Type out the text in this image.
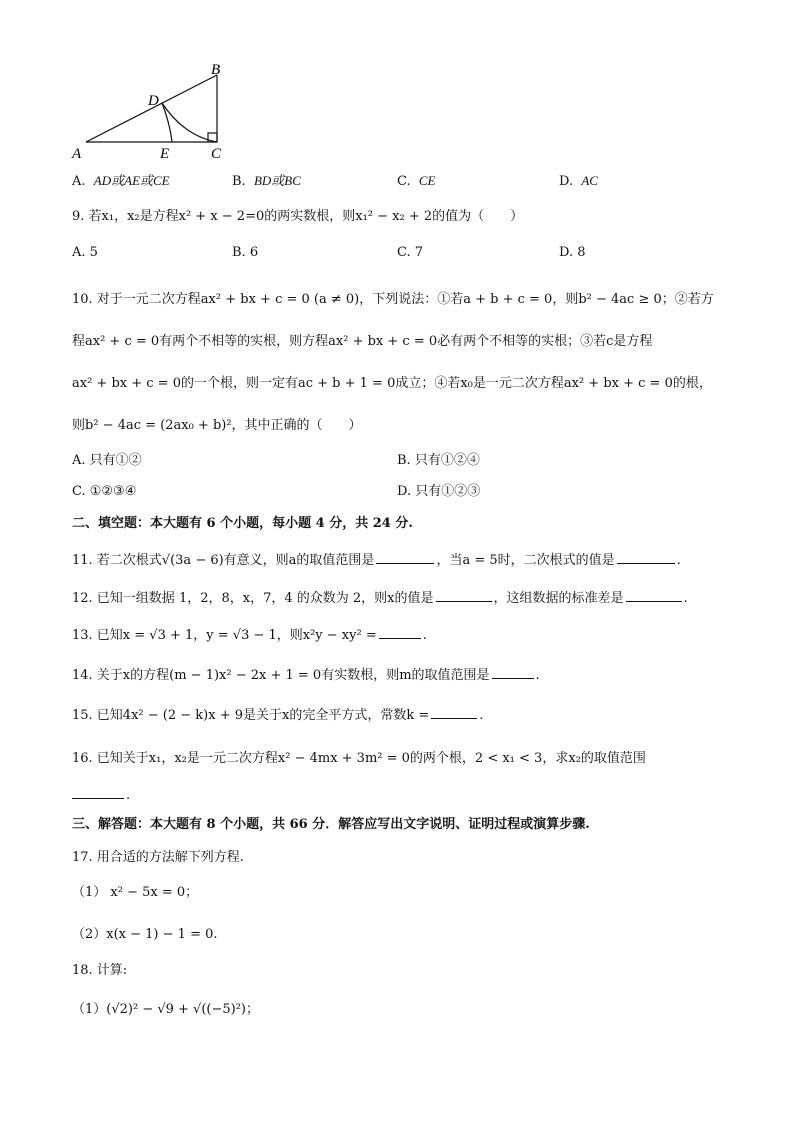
A
B
C
D
E
A. AD或AE或CE	B. BD或BC	C. CE	D. AC
9. 若x₁，x₂是方程x² + x − 2=0的两实数根，则x₁² − x₂ + 2的值为（　　）
A. 5	B. 6	C. 7	D. 8
10. 对于一元二次方程ax² + bx + c = 0 (a ≠ 0)，下列说法：①若a + b + c = 0，则b² − 4ac ≥ 0；②若方
程ax² + c = 0有两个不相等的实根，则方程ax² + bx + c = 0必有两个不相等的实根；③若c是方程
ax² + bx + c = 0的一个根，则一定有ac + b + 1 = 0成立；④若x₀是一元二次方程ax² + bx + c = 0的根，
则b² − 4ac = (2ax₀ + b)²，其中正确的（　　）
A. 只有①②	B. 只有①②④
C. ①②③④	D. 只有①②③
二、填空题：本大题有 6 个小题，每小题 4 分，共 24 分.
11. 若二次根式√(3a − 6)有意义，则a的取值范围是	，当a = 5时，二次根式的值是	.
12. 已知一组数据 1，2，8，x，7，4 的众数为 2，则x的值是	，这组数据的标准差是	.
13. 已知x = √3 + 1，y = √3 − 1，则x²y − xy² =	.
14. 关于x的方程(m − 1)x² − 2x + 1 = 0有实数根，则m的取值范围是	.
15. 已知4x² − (2 − k)x + 9是关于x的完全平方式，常数k =	.
16. 已知关于x₁，x₂是一元二次方程x² − 4mx + 3m² = 0的两个根，2 < x₁ < 3，求x₂的取值范围
.
三、解答题：本大题有 8 个小题，共 66 分．解答应写出文字说明、证明过程或演算步骤.
17. 用合适的方法解下列方程.
（1） x² − 5x = 0；
（2）x(x − 1) − 1 = 0.
18. 计算:
（1）(√2)² − √9 + √((−5)²)；
